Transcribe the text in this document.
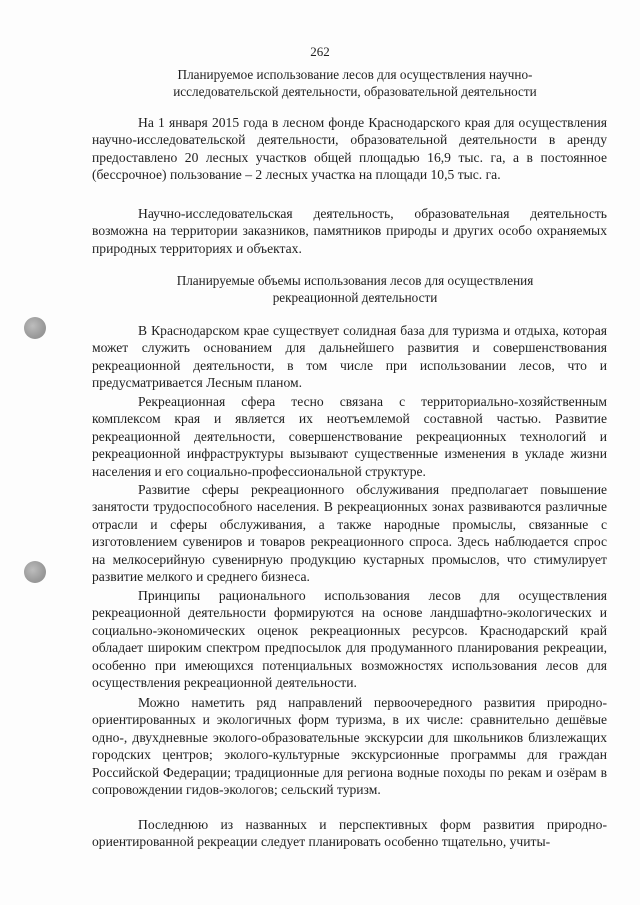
262
Планируемое использование лесов для осуществления научно-
исследовательской деятельности, образовательной деятельности

На 1 января 2015 года в лесном фонде Краснодарского края для осуществления научно-исследовательской деятельности, образовательной деятельности в аренду предоставлено 20 лесных участков общей площадью 16,9 тыс. га, а в постоянное (бессрочное) пользование – 2 лесных участка на площади 10,5 тыс. га.

Научно-исследовательская деятельность, образовательная деятельность возможна на территории заказников, памятников природы и других особо охраняемых природных территориях и объектах.

Планируемые объемы использования лесов для осуществления
рекреационной деятельности

В Краснодарском крае существует солидная база для туризма и отдыха, которая может служить основанием для дальнейшего развития и совершенствования рекреационной деятельности, в том числе при использовании лесов, что и предусматривается Лесным планом.

Рекреационная сфера тесно связана с территориально-хозяйственным комплексом края и является их неотъемлемой составной частью. Развитие рекреационной деятельности, совершенствование рекреационных технологий и рекреационной инфраструктуры вызывают существенные изменения в укладе жизни населения и его социально-профессиональной структуре.

Развитие сферы рекреационного обслуживания предполагает повышение занятости трудоспособного населения. В рекреационных зонах развиваются различные отрасли и сферы обслуживания, а также народные промыслы, связанные с изготовлением сувениров и товаров рекреационного спроса. Здесь наблюдается спрос на мелкосерийную сувенирную продукцию кустарных промыслов, что стимулирует развитие мелкого и среднего бизнеса.

Принципы рационального использования лесов для осуществления рекреационной деятельности формируются на основе ландшафтно-экологических и социально-экономических оценок рекреационных ресурсов. Краснодарский край обладает широким спектром предпосылок для продуманного планирования рекреации, особенно при имеющихся потенциальных возможностях использования лесов для осуществления рекреационной деятельности.

Можно наметить ряд направлений первоочередного развития природно-ориентированных и экологичных форм туризма, в их числе: сравнительно дешёвые одно-, двухдневные эколого-образовательные экскурсии для школьников близлежащих городских центров; эколого-культурные экскурсионные программы для граждан Российской Федерации; традиционные для региона водные походы по рекам и озёрам в сопровождении гидов-экологов; сельский туризм.

Последнюю из названных и перспективных форм развития природно-ориентированной рекреации следует планировать особенно тщательно, учиты-
